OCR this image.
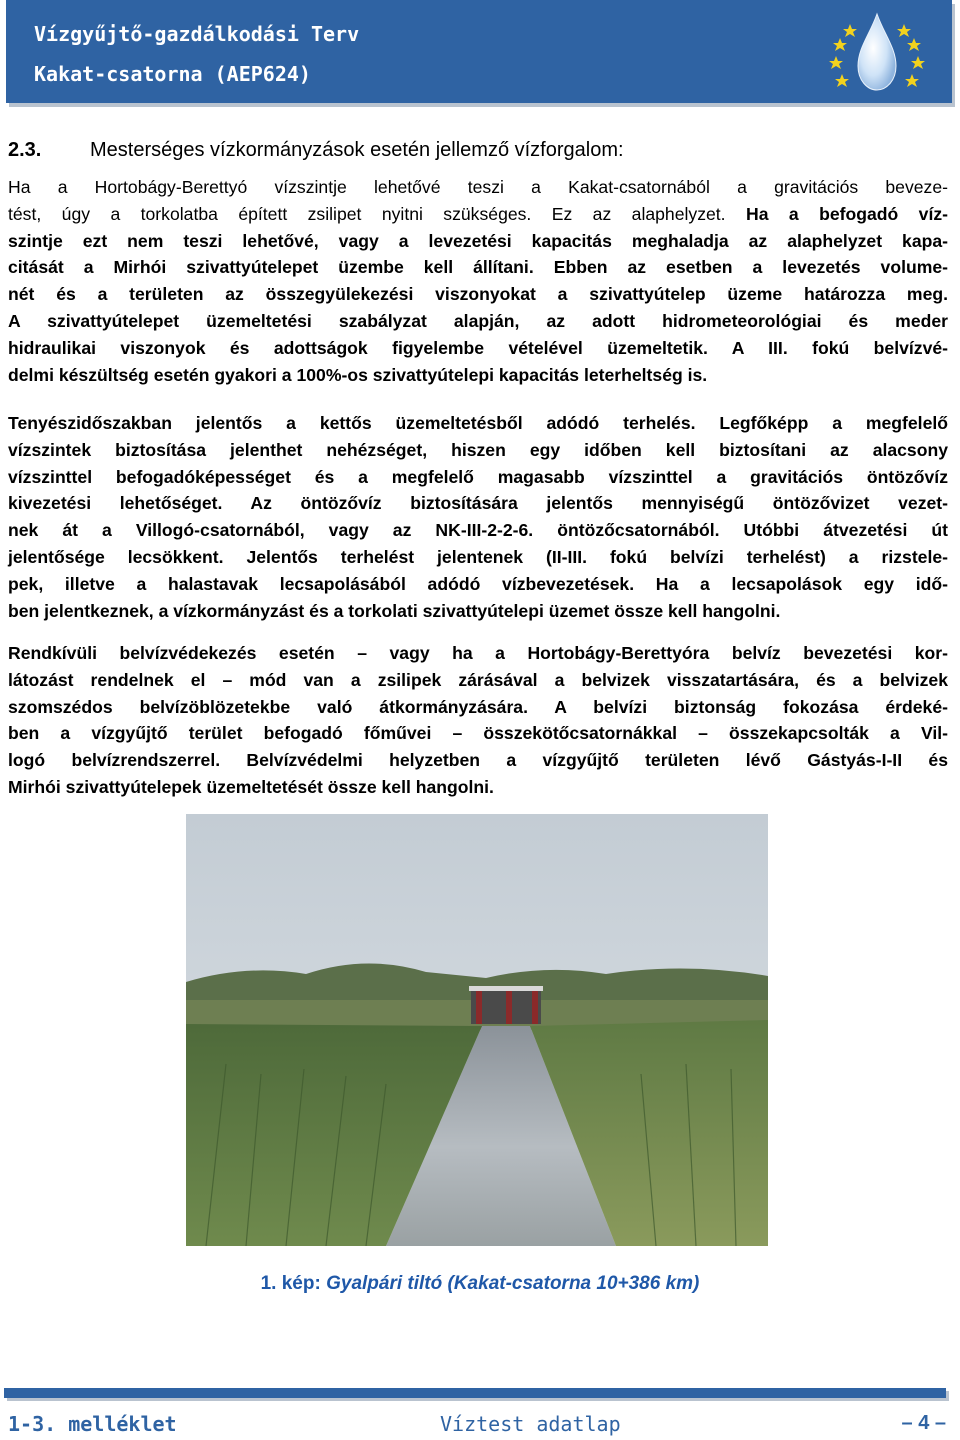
Vízgyűjtő-gazdálkodási Terv
Kakat-csatorna (AEP624)
2.3. Mesterséges vízkormányzások esetén jellemző vízforgalom:
Ha a Hortobágy-Berettyó vízszintje lehetővé teszi a Kakat-csatornából a gravitációs beveze-
tést, úgy a torkolatba épített zsilipet nyitni szükséges. Ez az alaphelyzet. Ha a befogadó víz-
szintje ezt nem teszi lehetővé, vagy a levezetési kapacitás meghaladja az alaphelyzet kapa-
citását a Mirhói szivattyútelepet üzembe kell állítani. Ebben az esetben a levezetés volume-
nét és a területen az összegyülekezési viszonyokat a szivattyútelep üzeme határozza meg.
A szivattyútelepet üzemeltetési szabályzat alapján, az adott hidrometeorológiai és meder
hidraulikai viszonyok és adottságok figyelembe vételével üzemeltetik. A III. fokú belvízvé-
delmi készültség esetén gyakori a 100%-os szivattyútelepi kapacitás leterheltség is.
Tenyészidőszakban jelentős a kettős üzemeltetésből adódó terhelés. Legfőképp a megfelelő
vízszintek biztosítása jelenthet nehézséget, hiszen egy időben kell biztosítani az alacsony
vízszinttel befogadóképességet és a megfelelő magasabb vízszinttel a gravitációs öntözővíz
kivezetési lehetőséget. Az öntözővíz biztosítására jelentős mennyiségű öntözővizet vezet-
nek át a Villogó-csatornából, vagy az NK-III-2-2-6. öntözőcsatornából. Utóbbi átvezetési út
jelentősége lecsökkent. Jelentős terhelést jelentenek (II-III. fokú belvízi terhelést) a rizstele-
pek, illetve a halastavak lecsapolásából adódó vízbevezetések. Ha a lecsapolások egy idő-
ben jelentkeznek, a vízkormányzást és a torkolati szivattyútelepi üzemet össze kell hangolni.
Rendkívüli belvízvédekezés esetén – vagy ha a Hortobágy-Berettyóra belvíz bevezetési kor-
látozást rendelnek el – mód van a zsilipek zárásával a belvizek visszatartására, és a belvizek
szomszédos belvízöblözetekbe való átkormányzására. A belvízi biztonság fokozása érdeké-
ben a vízgyűjtő terület befogadó főművei – összekötőcsatornákkal – összekapcsolták a Vil-
logó belvízrendszerrel. Belvízvédelmi helyzetben a vízgyűjtő területen lévő Gástyás-I-II és
Mirhói szivattyútelepek üzemeltetését össze kell hangolni.
1. kép: Gyalpári tiltó (Kakat-csatorna 10+386 km)
1-3. melléklet	Víztest adatlap	– 4 –
